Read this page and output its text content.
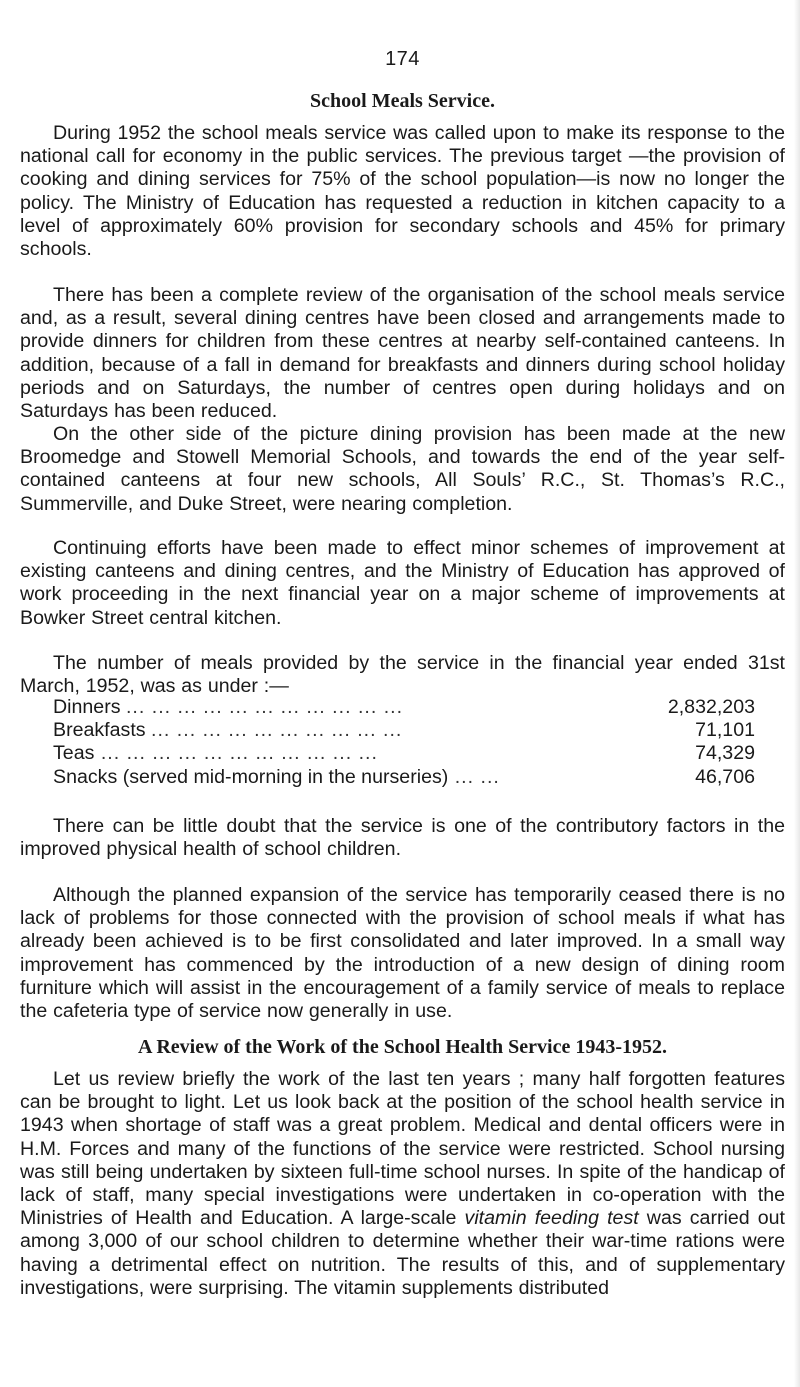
174
School Meals Service.

During 1952 the school meals service was called upon to make its response to the national call for economy in the public services. The previous target —the provision of cooking and dining services for 75% of the school population—is now no longer the policy. The Ministry of Education has requested a reduction in kitchen capacity to a level of approximately 60% provision for secondary schools and 45% for primary schools.

There has been a complete review of the organisation of the school meals service and, as a result, several dining centres have been closed and arrangements made to provide dinners for children from these centres at nearby self-contained canteens. In addition, because of a fall in demand for breakfasts and dinners during school holiday periods and on Saturdays, the number of centres open during holidays and on Saturdays has been reduced.

On the other side of the picture dining provision has been made at the new Broomedge and Stowell Memorial Schools, and towards the end of the year self-contained canteens at four new schools, All Souls’ R.C., St. Thomas’s R.C., Summerville, and Duke Street, were nearing completion.

Continuing efforts have been made to effect minor schemes of improvement at existing canteens and dining centres, and the Ministry of Education has approved of work proceeding in the next financial year on a major scheme of improvements at Bowker Street central kitchen.

The number of meals provided by the service in the financial year ended 31st March, 1952, was as under :—

Dinners ... ... ... ... ... ... ... ... ... ... ...	2,832,203
Breakfasts ... ... ... ... ... ... ... ... ... ...	71,101
Teas ... ... ... ... ... ... ... ... ... ... ...	74,329
Snacks (served mid-morning in the nurseries) ... ...	46,706

There can be little doubt that the service is one of the contributory factors in the improved physical health of school children.

Although the planned expansion of the service has temporarily ceased there is no lack of problems for those connected with the provision of school meals if what has already been achieved is to be first consolidated and later improved. In a small way improvement has commenced by the introduction of a new design of dining room furniture which will assist in the encouragement of a family service of meals to replace the cafeteria type of service now generally in use.

A Review of the Work of the School Health Service 1943-1952.

Let us review briefly the work of the last ten years ; many half forgotten features can be brought to light. Let us look back at the position of the school health service in 1943 when shortage of staff was a great problem. Medical and dental officers were in H.M. Forces and many of the functions of the service were restricted. School nursing was still being undertaken by sixteen full-time school nurses. In spite of the handicap of lack of staff, many special investigations were undertaken in co-operation with the Ministries of Health and Education. A large-scale vitamin feeding test was carried out among 3,000 of our school children to determine whether their war-time rations were having a detrimental effect on nutrition. The results of this, and of supplementary investigations, were surprising. The vitamin supplements distributed
